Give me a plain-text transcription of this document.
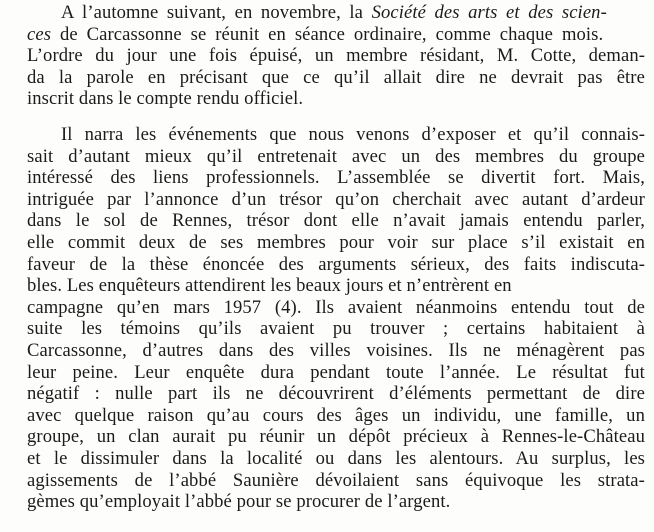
A l’automne suivant, en novembre, la Société des arts et des scien-
ces de Carcassonne se réunit en séance ordinaire, comme chaque mois.
L’ordre du jour une fois épuisé, un membre résidant, M. Cotte, deman-
da la parole en précisant que ce qu’il allait dire ne devrait pas être
inscrit dans le compte rendu officiel.
Il narra les événements que nous venons d’exposer et qu’il connais-
sait d’autant mieux qu’il entretenait avec un des membres du groupe
intéressé des liens professionnels. L’assemblée se divertit fort. Mais,
intriguée par l’annonce d’un trésor qu’on cherchait avec autant d’ardeur
dans le sol de Rennes, trésor dont elle n’avait jamais entendu parler,
elle commit deux de ses membres pour voir sur place s’il existait en
faveur de la thèse énoncée des arguments sérieux, des faits indiscuta-
bles. Les enquêteurs attendirent les beaux jours et n’entrèrent en
campagne qu’en mars 1957 (4). Ils avaient néanmoins entendu tout de
suite les témoins qu’ils avaient pu trouver ; certains habitaient à
Carcassonne, d’autres dans des villes voisines. Ils ne ménagèrent pas
leur peine. Leur enquête dura pendant toute l’année. Le résultat fut
négatif : nulle part ils ne découvrirent d’éléments permettant de dire
avec quelque raison qu’au cours des âges un individu, une famille, un
groupe, un clan aurait pu réunir un dépôt précieux à Rennes-le-Château
et le dissimuler dans la localité ou dans les alentours. Au surplus, les
agissements de l’abbé Saunière dévoilaient sans équivoque les strata-
gèmes qu’employait l’abbé pour se procurer de l’argent.
